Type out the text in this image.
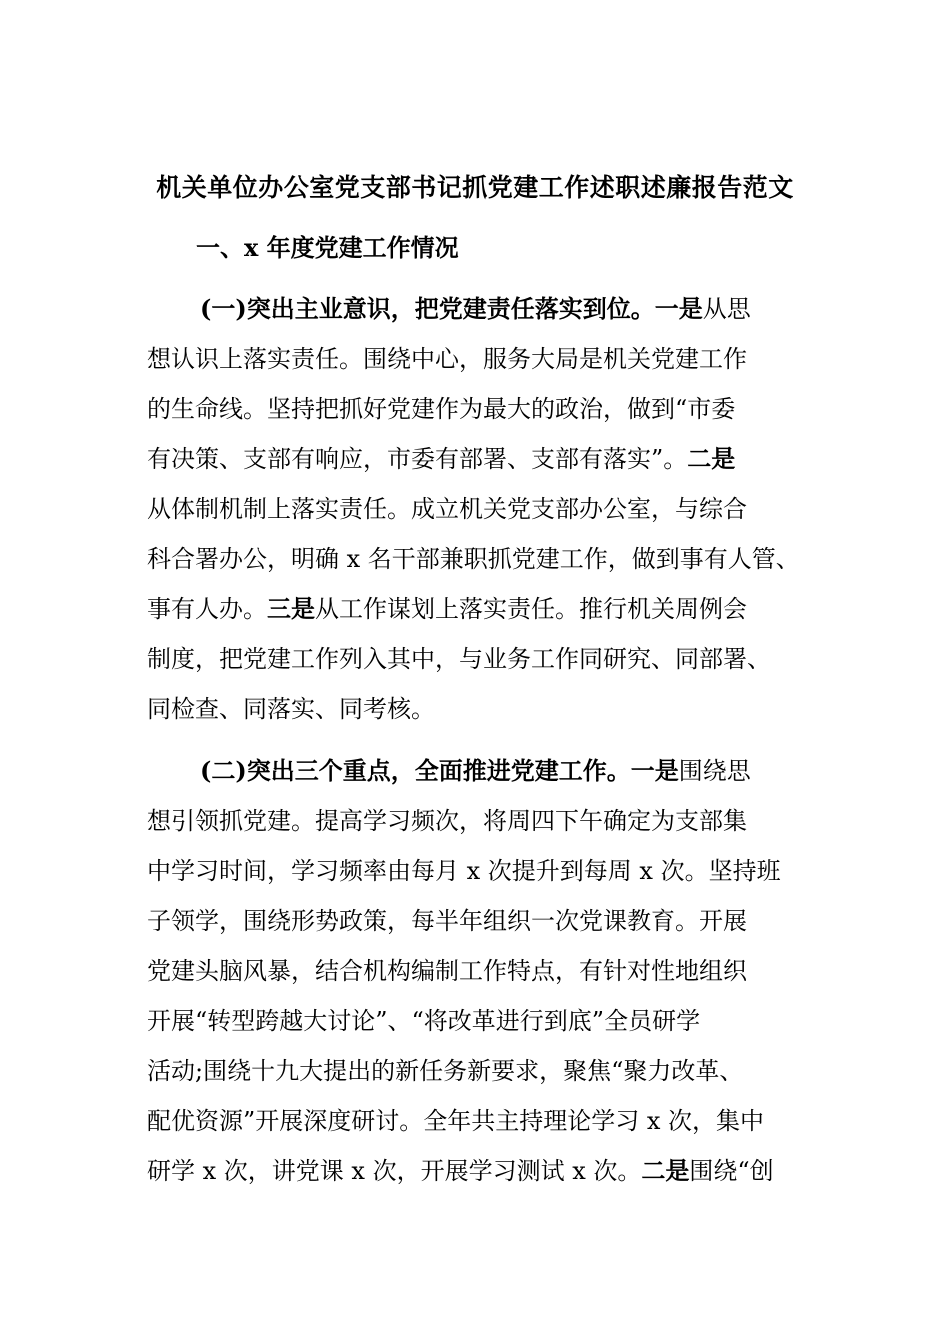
机关单位办公室党支部书记抓党建工作述职述廉报告范文
一、x 年度党建工作情况
(一)突出主业意识，把党建责任落实到位。一是从思
想认识上落实责任。围绕中心，服务大局是机关党建工作
的生命线。坚持把抓好党建作为最大的政治，做到“市委
有决策、支部有响应，市委有部署、支部有落实”。二是
从体制机制上落实责任。成立机关党支部办公室，与综合
科合署办公，明确 x 名干部兼职抓党建工作，做到事有人管、
事有人办。三是从工作谋划上落实责任。推行机关周例会
制度，把党建工作列入其中，与业务工作同研究、同部署、
同检查、同落实、同考核。
(二)突出三个重点，全面推进党建工作。一是围绕思
想引领抓党建。提高学习频次，将周四下午确定为支部集
中学习时间，学习频率由每月 x 次提升到每周 x 次。坚持班
子领学，围绕形势政策，每半年组织一次党课教育。开展
党建头脑风暴，结合机构编制工作特点，有针对性地组织
开展“转型跨越大讨论”、“将改革进行到底”全员研学
活动;围绕十九大提出的新任务新要求，聚焦“聚力改革、
配优资源”开展深度研讨。全年共主持理论学习 x 次，集中
研学 x 次，讲党课 x 次，开展学习测试 x 次。二是围绕“创
